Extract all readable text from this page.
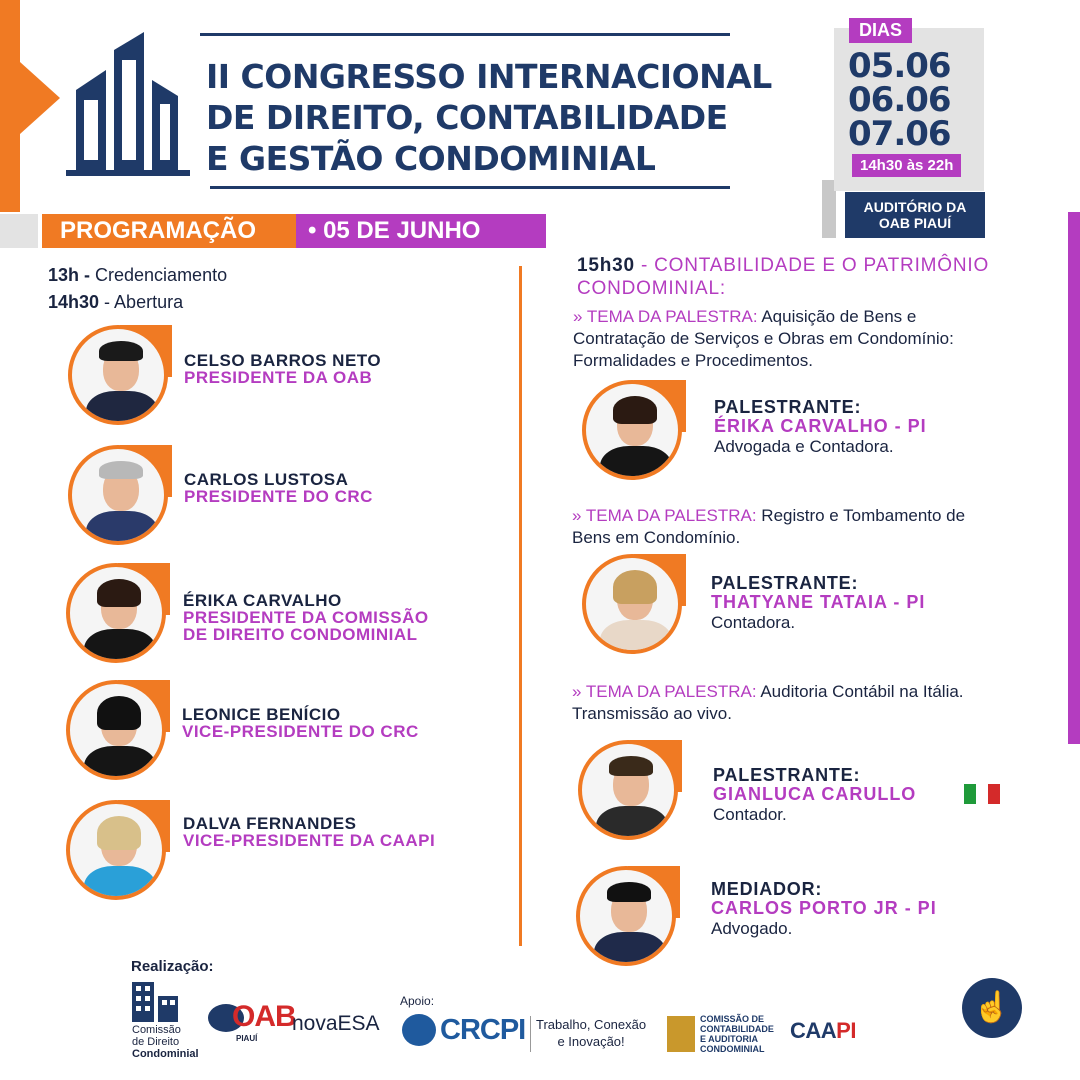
II CONGRESSO INTERNACIONAL
DE DIREITO, CONTABILIDADE
E GESTÃO CONDOMINIAL
DIAS
05.06
06.06
07.06
14h30 às 22h
AUDITÓRIO DA
OAB PIAUÍ
PROGRAMAÇÃO	• 05 DE JUNHO
13h - Credenciamento
14h30 - Abertura
CELSO BARROS NETO
PRESIDENTE DA OAB
CARLOS LUSTOSA
PRESIDENTE DO CRC
ÉRIKA CARVALHO
PRESIDENTE DA COMISSÃO
DE DIREITO CONDOMINIAL
LEONICE BENÍCIO
VICE-PRESIDENTE DO CRC
DALVA FERNANDES
VICE-PRESIDENTE DA CAAPI
15h30 - CONTABILIDADE E O PATRIMÔNIO
CONDOMINIAL:
» TEMA DA PALESTRA: Aquisição de Bens e
Contratação de Serviços e Obras em Condomínio:
Formalidades e Procedimentos.
PALESTRANTE:
ÉRIKA CARVALHO - PI
Advogada e Contadora.
» TEMA DA PALESTRA: Registro e Tombamento de
Bens em Condomínio.
PALESTRANTE:
THATYANE TATAIA - PI
Contadora.
» TEMA DA PALESTRA: Auditoria Contábil na Itália.
Transmissão ao vivo.
PALESTRANTE:
GIANLUCA CARULLO
Contador.
MEDIADOR:
CARLOS PORTO JR - PI
Advogado.
Realização:
Comissão
de Direito
Condominial
OAB
PIAUÍ
novaESA
Apoio:
CRCPI Trabalho, Conexão
e Inovação!
COMISSÃO DE
CONTABILIDADE
E AUDITORIA
CONDOMINIAL
CAAPI
☝
